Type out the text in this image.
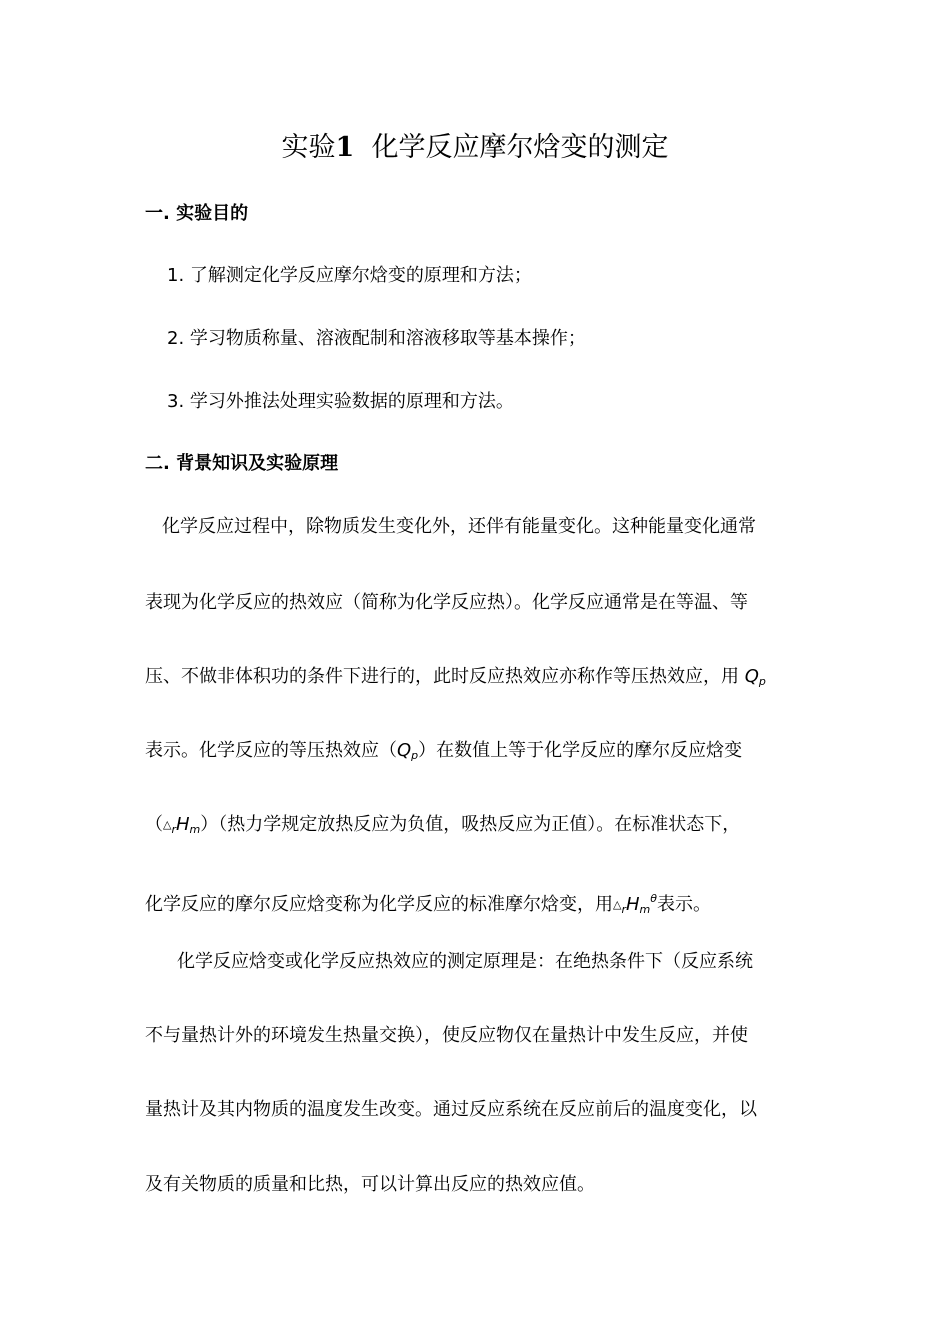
实验1 化学反应摩尔焓变的测定
一. 实验目的

1. 了解测定化学反应摩尔焓变的原理和方法；

2. 学习物质称量、溶液配制和溶液移取等基本操作；

3. 学习外推法处理实验数据的原理和方法。

二. 背景知识及实验原理

化学反应过程中，除物质发生变化外，还伴有能量变化。这种能量变化通常

表现为化学反应的热效应（简称为化学反应热）。化学反应通常是在等温、等

压、不做非体积功的条件下进行的，此时反应热效应亦称作等压热效应，用 $Q_p$

表示。化学反应的等压热效应$(Q_p)$在数值上等于化学反应的摩尔反应焓变

$(\triangle_rH_m)$（热力学规定放热反应为负值，吸热反应为正值）。在标准状态下，

化学反应的摩尔反应焓变称为化学反应的标准摩尔焓变，用$\triangle_rH_m^\theta$表示。

化学反应焓变或化学反应热效应的测定原理是：在绝热条件下（反应系统

不与量热计外的环境发生热量交换），使反应物仅在量热计中发生反应，并使

量热计及其内物质的温度发生改变。通过反应系统在反应前后的温度变化，以

及有关物质的质量和比热，可以计算出反应的热效应值。
